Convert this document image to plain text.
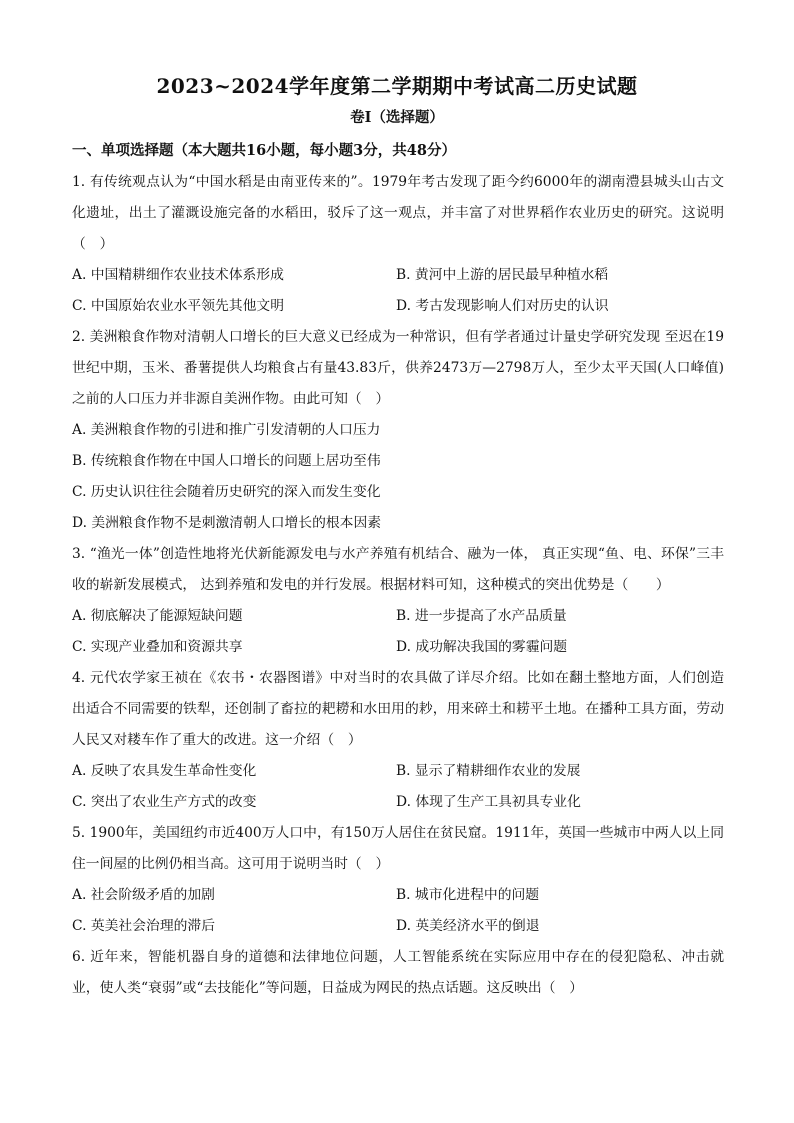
2023~2024学年度第二学期期中考试高二历史试题
卷Ⅰ（选择题）
一、单项选择题（本大题共16小题，每小题3分，共48分）
1. 有传统观点认为“中国水稻是由南亚传来的”。1979年考古发现了距今约6000年的湖南澧县城头山古文化遗址，出土了灌溉设施完备的水稻田，驳斥了这一观点，并丰富了对世界稻作农业历史的研究。这说明（　）
A. 中国精耕细作农业技术体系形成	B. 黄河中上游的居民最早种植水稻
C. 中国原始农业水平领先其他文明	D. 考古发现影响人们对历史的认识
2. 美洲粮食作物对清朝人口增长的巨大意义已经成为一种常识，但有学者通过计量史学研究发现 至迟在19世纪中期，玉米、番薯提供人均粮食占有量43.83斤，供养2473万—2798万人，至少太平天国(人口峰值)之前的人口压力并非源自美洲作物。由此可知（　）
A. 美洲粮食作物的引进和推广引发清朝的人口压力
B. 传统粮食作物在中国人口增长的问题上居功至伟
C. 历史认识往往会随着历史研究的深入而发生变化
D. 美洲粮食作物不是刺激清朝人口增长的根本因素
3. “渔光一体”创造性地将光伏新能源发电与水产养殖有机结合、融为一体， 真正实现“鱼、电、环保”三丰收的崭新发展模式， 达到养殖和发电的并行发展。根据材料可知，这种模式的突出优势是（　　）
A. 彻底解决了能源短缺问题	B. 进一步提高了水产品质量
C. 实现产业叠加和资源共享	D. 成功解决我国的雾霾问题
4. 元代农学家王祯在《农书・农器图谱》中对当时的农具做了详尽介绍。比如在翻土整地方面，人们创造出适合不同需要的铁犁，还创制了畜拉的耙耮和水田用的耖，用来碎土和耢平土地。在播种工具方面，劳动人民又对耧车作了重大的改进。这一介绍（　）
A. 反映了农具发生革命性变化	B. 显示了精耕细作农业的发展
C. 突出了农业生产方式的改变	D. 体现了生产工具初具专业化
5. 1900年，美国纽约市近400万人口中，有150万人居住在贫民窟。1911年，英国一些城市中两人以上同住一间屋的比例仍相当高。这可用于说明当时（　）
A. 社会阶级矛盾的加剧	B. 城市化进程中的问题
C. 英美社会治理的滞后	D. 英美经济水平的倒退
6. 近年来，智能机器自身的道德和法律地位问题，人工智能系统在实际应用中存在的侵犯隐私、冲击就业，使人类“衰弱”或“去技能化”等问题，日益成为网民的热点话题。这反映出（　）
